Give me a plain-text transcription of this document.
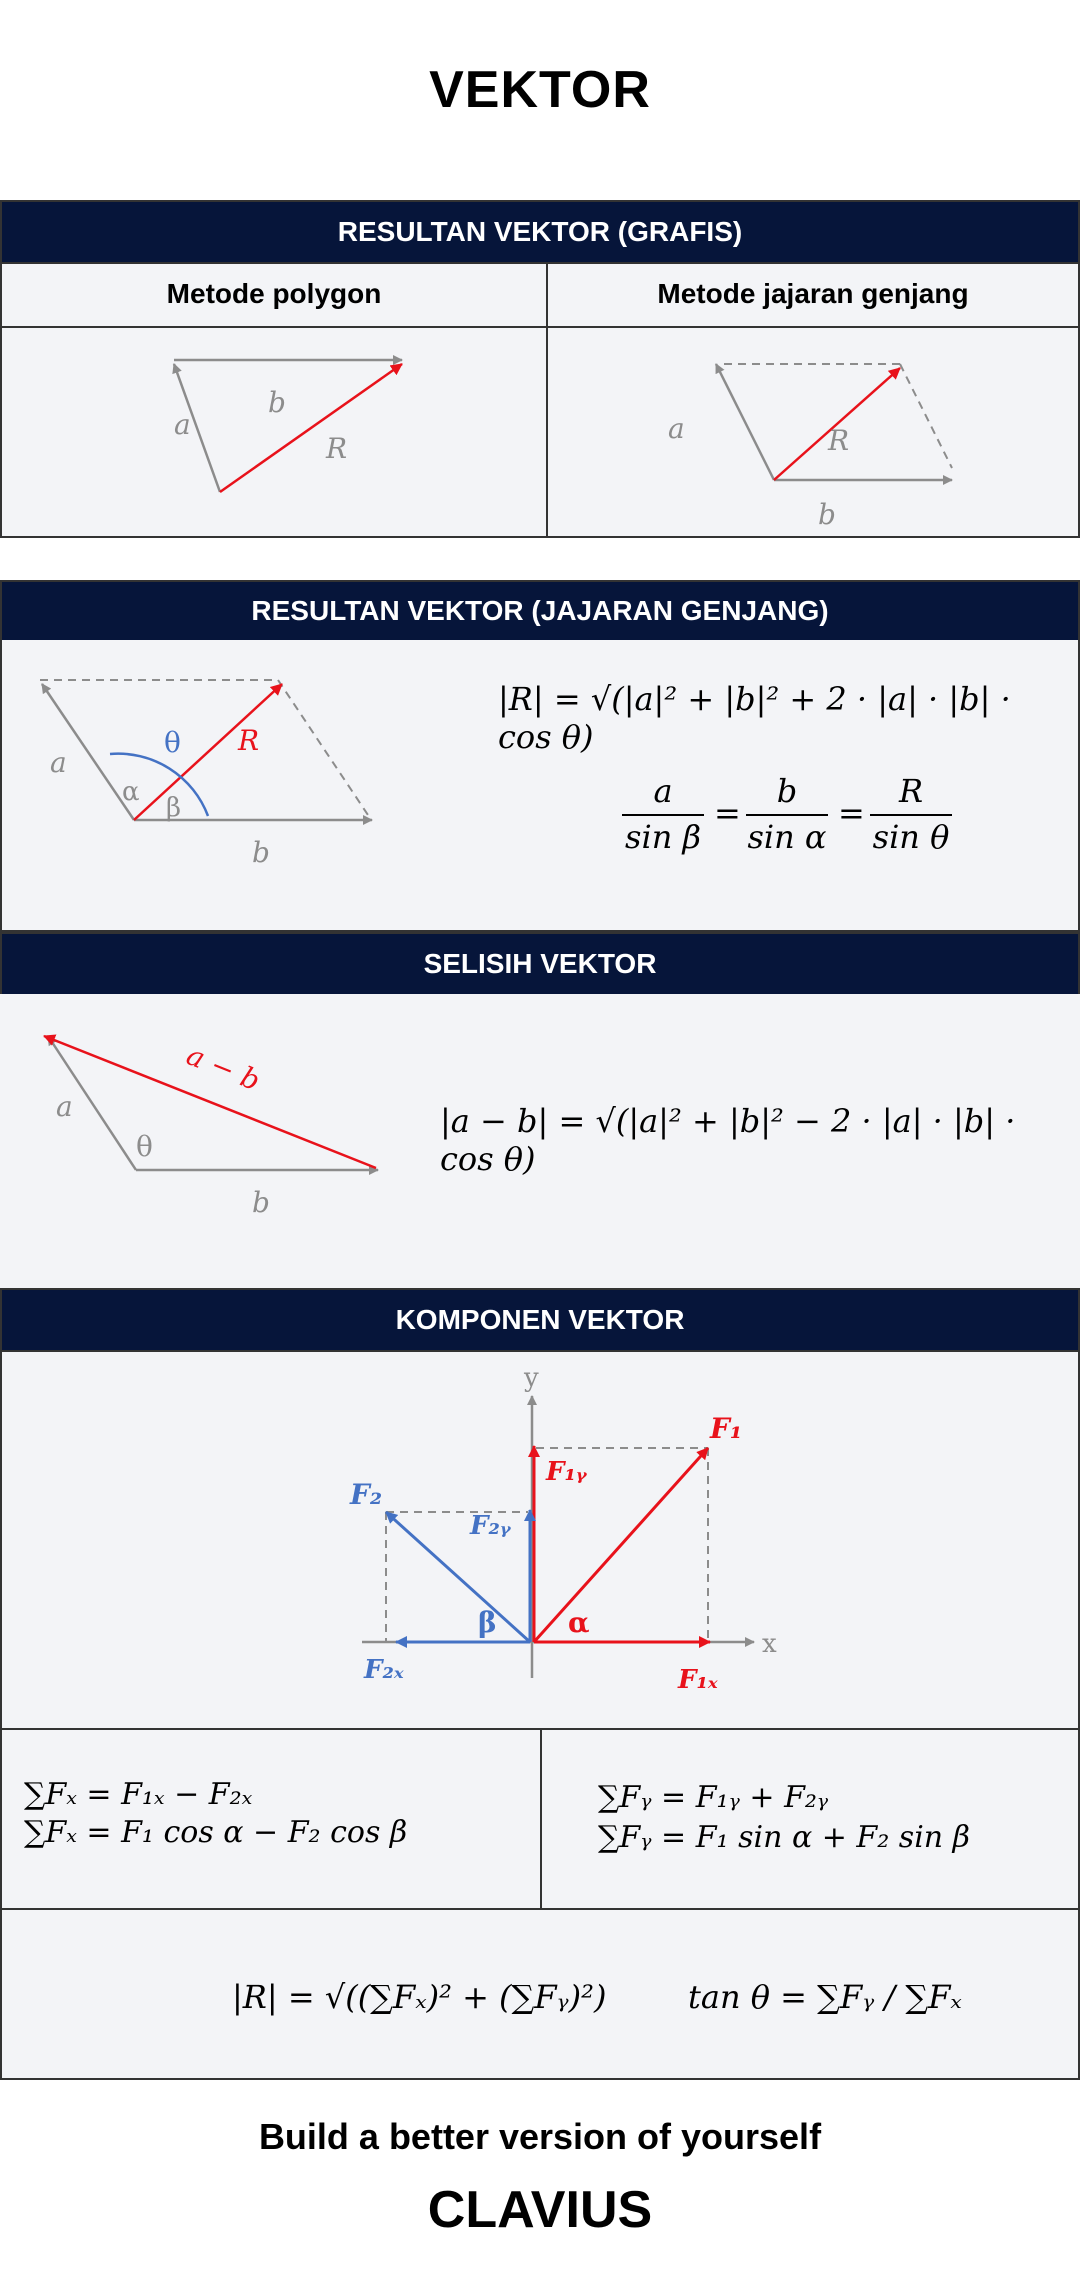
VEKTOR
RESULTAN VEKTOR (GRAFIS)
Metode polygon	Metode jajaran genjang
a
b
R
a	R
b
RESULTAN VEKTOR (JAJARAN GENJANG)
a
R
θ
α
β
b
|R| = √(|a|² + |b|² + 2 · |a| · |b| · cos θ)
a
sin β
=
b
sin α
=
R
sin θ
SELISIH VEKTOR
a
θ
b
a − b
|a − b| = √(|a|² + |b|² − 2 · |a| · |b| · cos θ)
KOMPONEN VEKTOR
y
x
F₁
F₁ᵧ
F₁ₓ
α
F₂
F₂ᵧ
F₂ₓ
β
∑Fₓ = F₁ₓ − F₂ₓ
∑Fₓ = F₁ cos α − F₂ cos β
∑Fᵧ = F₁ᵧ + F₂ᵧ
∑Fᵧ = F₁ sin α + F₂ sin β
|R| = √((∑Fₓ)² + (∑Fᵧ)²)	tan θ = ∑Fᵧ / ∑Fₓ
Build a better version of yourself
CLAVIUS
